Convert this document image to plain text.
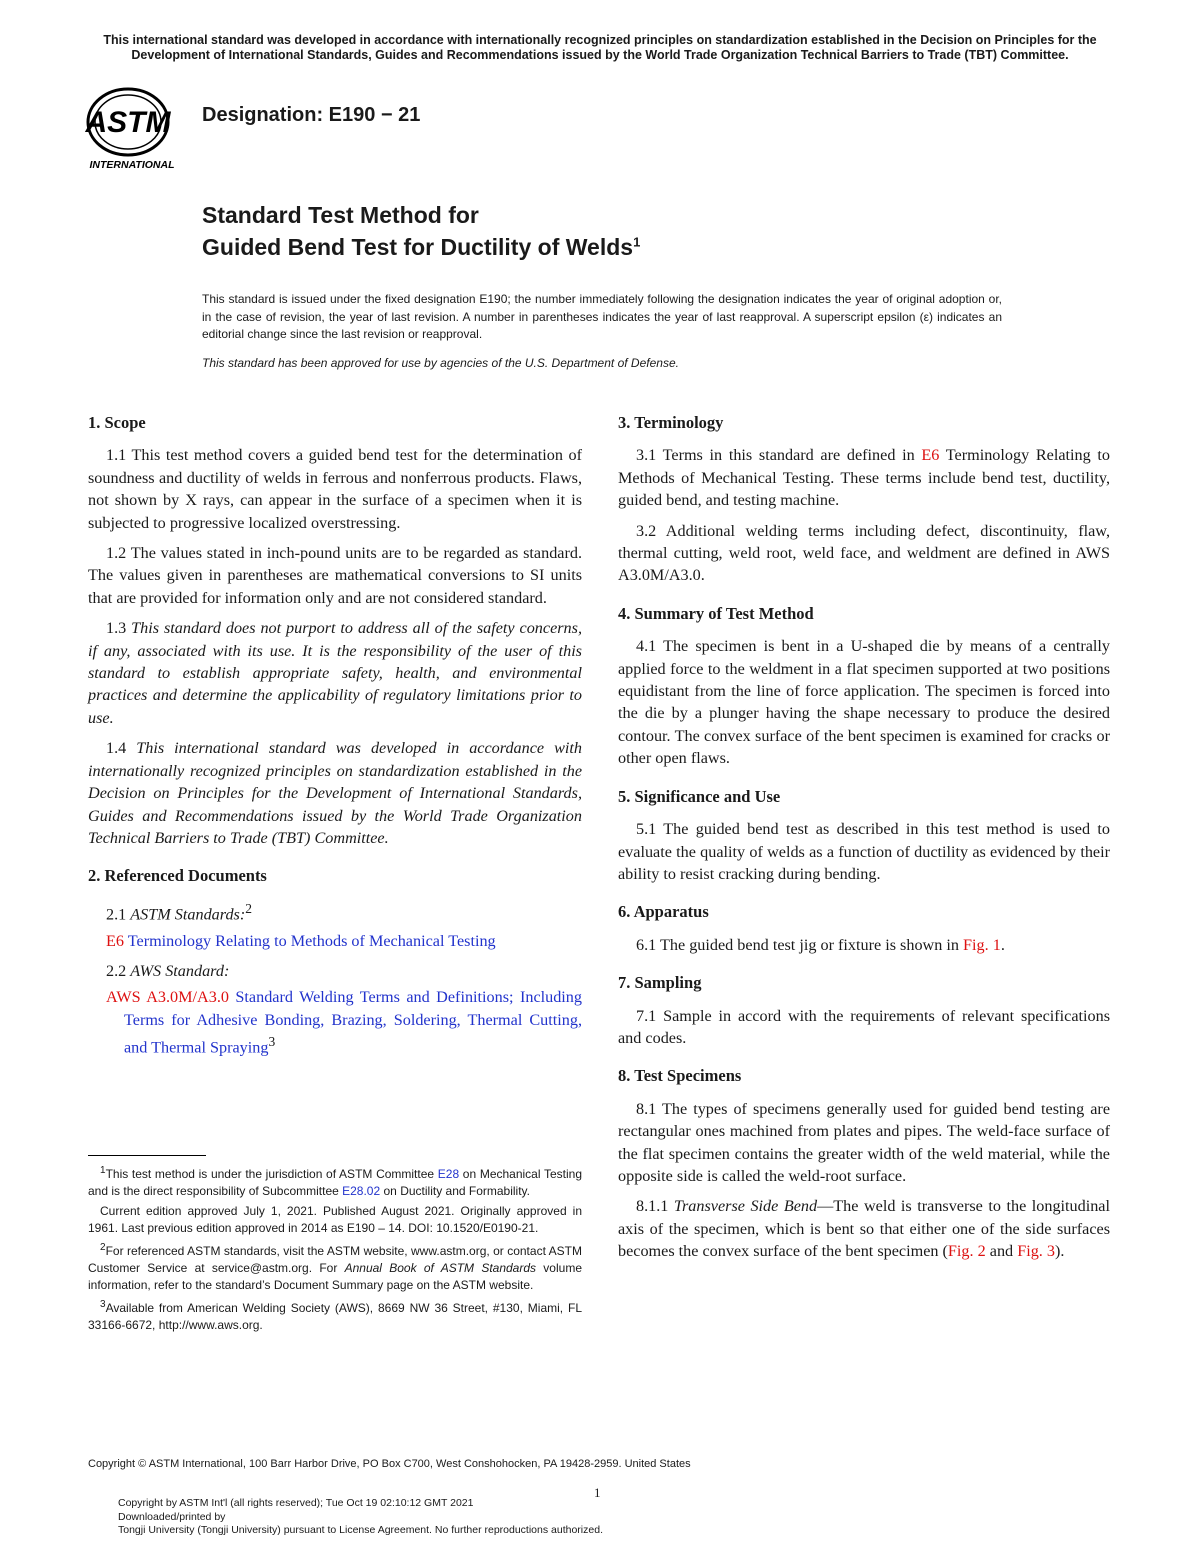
This international standard was developed in accordance with internationally recognized principles on standardization established in the Decision on Principles for the Development of International Standards, Guides and Recommendations issued by the World Trade Organization Technical Barriers to Trade (TBT) Committee.
ASTM
INTERNATIONAL
Designation: E190 − 21
Standard Test Method for
Guided Bend Test for Ductility of Welds$^1$
This standard is issued under the fixed designation E190; the number immediately following the designation indicates the year of original adoption or, in the case of revision, the year of last revision. A number in parentheses indicates the year of last reapproval. A superscript epsilon (ε) indicates an editorial change since the last revision or reapproval.
This standard has been approved for use by agencies of the U.S. Department of Defense.
1. Scope

1.1 This test method covers a guided bend test for the determination of soundness and ductility of welds in ferrous and nonferrous products. Flaws, not shown by X rays, can appear in the surface of a specimen when it is subjected to progressive localized overstressing.

1.2 The values stated in inch-pound units are to be regarded as standard. The values given in parentheses are mathematical conversions to SI units that are provided for information only and are not considered standard.

1.3 This standard does not purport to address all of the safety concerns, if any, associated with its use. It is the responsibility of the user of this standard to establish appropriate safety, health, and environmental practices and determine the applicability of regulatory limitations prior to use.

1.4 This international standard was developed in accordance with internationally recognized principles on standardization established in the Decision on Principles for the Development of International Standards, Guides and Recommendations issued by the World Trade Organization Technical Barriers to Trade (TBT) Committee.

2. Referenced Documents

2.1 ASTM Standards:$^2$

E6 Terminology Relating to Methods of Mechanical Testing

2.2 AWS Standard:

AWS A3.0M/A3.0 Standard Welding Terms and Definitions; Including Terms for Adhesive Bonding, Brazing, Soldering, Thermal Cutting, and Thermal Spraying$^3$

$^1$This test method is under the jurisdiction of ASTM Committee E28 on Mechanical Testing and is the direct responsibility of Subcommittee E28.02 on Ductility and Formability.

Current edition approved July 1, 2021. Published August 2021. Originally approved in 1961. Last previous edition approved in 2014 as E190 – 14. DOI: 10.1520/E0190-21.

$^2$For referenced ASTM standards, visit the ASTM website, www.astm.org, or contact ASTM Customer Service at service@astm.org. For Annual Book of ASTM Standards volume information, refer to the standard’s Document Summary page on the ASTM website.

$^3$Available from American Welding Society (AWS), 8669 NW 36 Street, #130, Miami, FL 33166-6672, http://www.aws.org.

3. Terminology

3.1 Terms in this standard are defined in E6 Terminology Relating to Methods of Mechanical Testing. These terms include bend test, ductility, guided bend, and testing machine.

3.2 Additional welding terms including defect, discontinuity, flaw, thermal cutting, weld root, weld face, and weldment are defined in AWS A3.0M/A3.0.

4. Summary of Test Method

4.1 The specimen is bent in a U-shaped die by means of a centrally applied force to the weldment in a flat specimen supported at two positions equidistant from the line of force application. The specimen is forced into the die by a plunger having the shape necessary to produce the desired contour. The convex surface of the bent specimen is examined for cracks or other open flaws.

5. Significance and Use

5.1 The guided bend test as described in this test method is used to evaluate the quality of welds as a function of ductility as evidenced by their ability to resist cracking during bending.

6. Apparatus

6.1 The guided bend test jig or fixture is shown in Fig. 1.

7. Sampling

7.1 Sample in accord with the requirements of relevant specifications and codes.

8. Test Specimens

8.1 The types of specimens generally used for guided bend testing are rectangular ones machined from plates and pipes. The weld-face surface of the flat specimen contains the greater width of the weld material, while the opposite side is called the weld-root surface.

8.1.1 Transverse Side Bend—The weld is transverse to the longitudinal axis of the specimen, which is bent so that either one of the side surfaces becomes the convex surface of the bent specimen (Fig. 2 and Fig. 3).

Copyright © ASTM International, 100 Barr Harbor Drive, PO Box C700, West Conshohocken, PA 19428-2959. United States
1
Copyright by ASTM Int'l (all rights reserved); Tue Oct 19 02:10:12 GMT 2021
Downloaded/printed by
Tongji University (Tongji University) pursuant to License Agreement. No further reproductions authorized.
